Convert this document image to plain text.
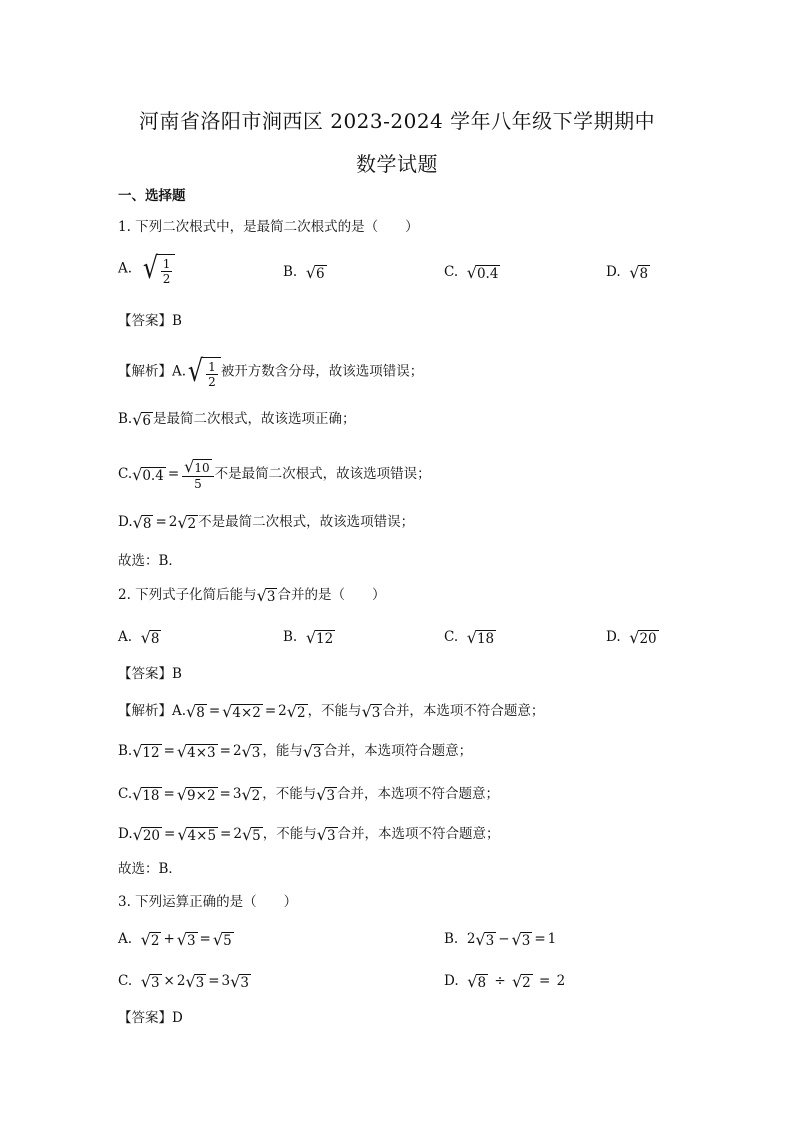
河南省洛阳市涧西区 2023-2024 学年八年级下学期期中
数学试题
一、选择题
1. 下列二次根式中，是最简二次根式的是（　　）
A. √ $\frac{1}{2}$	B. √ 6	C. √ 0.4	D. √ 8
【答案】B
【解析】A. √ $\frac{1}{2}$ 被开方数含分母，故该选项错误；
B. √ 6 是最简二次根式，故该选项正确；
C. √ $0.4 = \frac{√ 10}{5}$ 不是最简二次根式，故该选项错误；
D. √ 8 = 2 √ 2 不是最简二次根式，故该选项错误；
故选：B．
2. 下列式子化简后能与 √ 3 合并的是（　　）
A. √ 8	B. √ 12	C. √ 18	D. √ 20
【答案】B
【解析】A. √ 8 = √ 4×2 = 2 √ 2 ，不能与 √ 3 合并，本选项不符合题意；
B. √ 12 = √ 4×3 = 2 √ 3 ，能与 √ 3 合并，本选项符合题意；
C. √ 18 = √ 9×2 = 3 √ 2 ，不能与 √ 3 合并，本选项不符合题意；
D. √ 20 = √ 4×5 = 2 √ 5 ，不能与 √ 3 合并，本选项不符合题意；
故选：B．
3. 下列运算正确的是（　　）
A. √ 2 + √ 3 = √ 5	B. 2 √ 3 − √ 3 = 1
C. √ 3 × 2 √ 3 = 3 √ 3	D. √ 8 ÷ √ 2 = 2
【答案】D
